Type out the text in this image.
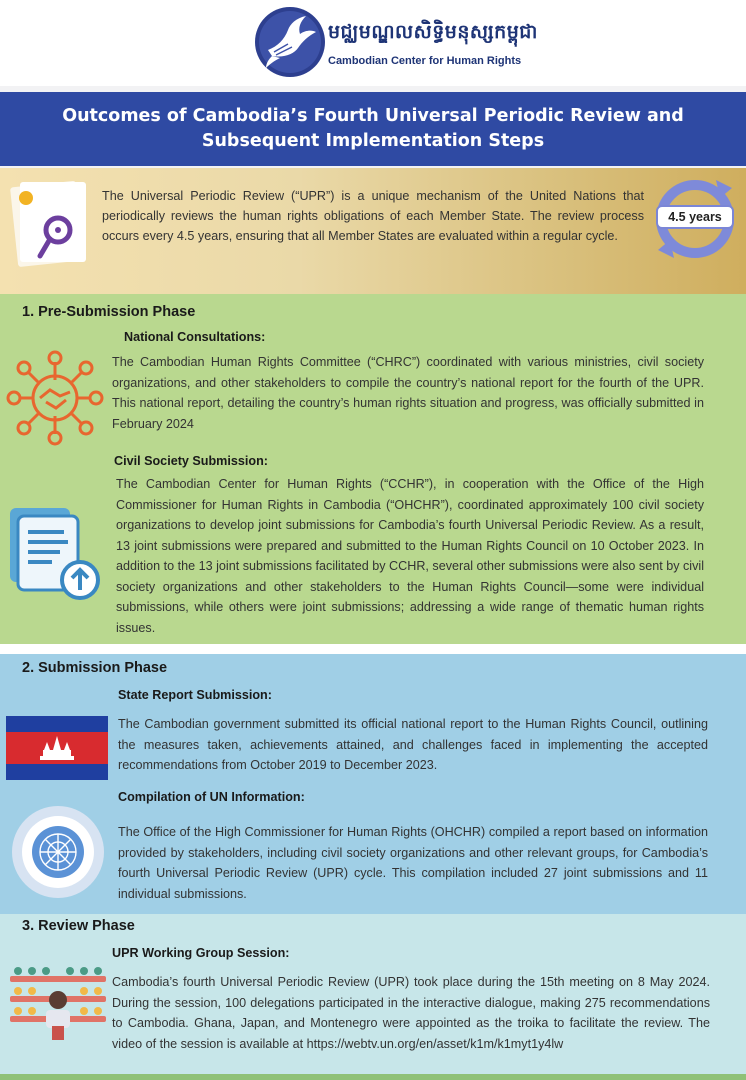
មជ្ឈមណ្ឌលសិទ្ធិមនុស្សកម្ពុជា
Cambodian Center for Human Rights
Outcomes of Cambodia’s Fourth Universal Periodic Review and
Subsequent Implementation Steps
The Universal Periodic Review (“UPR”) is a unique mechanism of the United Nations that periodically reviews the human rights obligations of each Member State. The review process occurs every 4.5 years, ensuring that all Member States are evaluated within a regular cycle.
4.5 years
1. Pre-Submission Phase
National Consultations:
The Cambodian Human Rights Committee (“CHRC”) coordinated with various ministries, civil society organizations, and other stakeholders to compile the country’s national report for the fourth of the UPR. This national report, detailing the country’s human rights situation and progress, was officially submitted in February 2024
Civil Society Submission:
The Cambodian Center for Human Rights (“CCHR”), in cooperation with the Office of the High Commissioner for Human Rights in Cambodia (“OHCHR”), coordinated approximately 100 civil society organizations to develop joint submissions for Cambodia’s fourth Universal Periodic Review. As a result, 13 joint submissions were prepared and submitted to the Human Rights Council on 10 October 2023. In addition to the 13 joint submissions facilitated by CCHR, several other submissions were also sent by civil society organizations and other stakeholders to the Human Rights Council—some were individual submissions, while others were joint submissions; addressing a wide range of thematic human rights issues.
2. Submission Phase
State Report Submission:
The Cambodian government submitted its official national report to the Human Rights Council, outlining the measures taken, achievements attained, and challenges faced in implementing the accepted recommendations from October 2019 to December 2023.
Compilation of UN Information:
The Office of the High Commissioner for Human Rights (OHCHR) compiled a report based on information provided by stakeholders, including civil society organizations and other relevant groups, for Cambodia’s fourth Universal Periodic Review (UPR) cycle. This compilation included 27 joint submissions and 11 individual submissions.
3. Review Phase
UPR Working Group Session:
Cambodia’s fourth Universal Periodic Review (UPR) took place during the 15th meeting on 8 May 2024. During the session, 100 delegations participated in the interactive dialogue, making 275 recommendations to Cambodia. Ghana, Japan, and Montenegro were appointed as the troika to facilitate the review. The video of the session is available at https://webtv.un.org/en/asset/k1m/k1myt1y4lw
